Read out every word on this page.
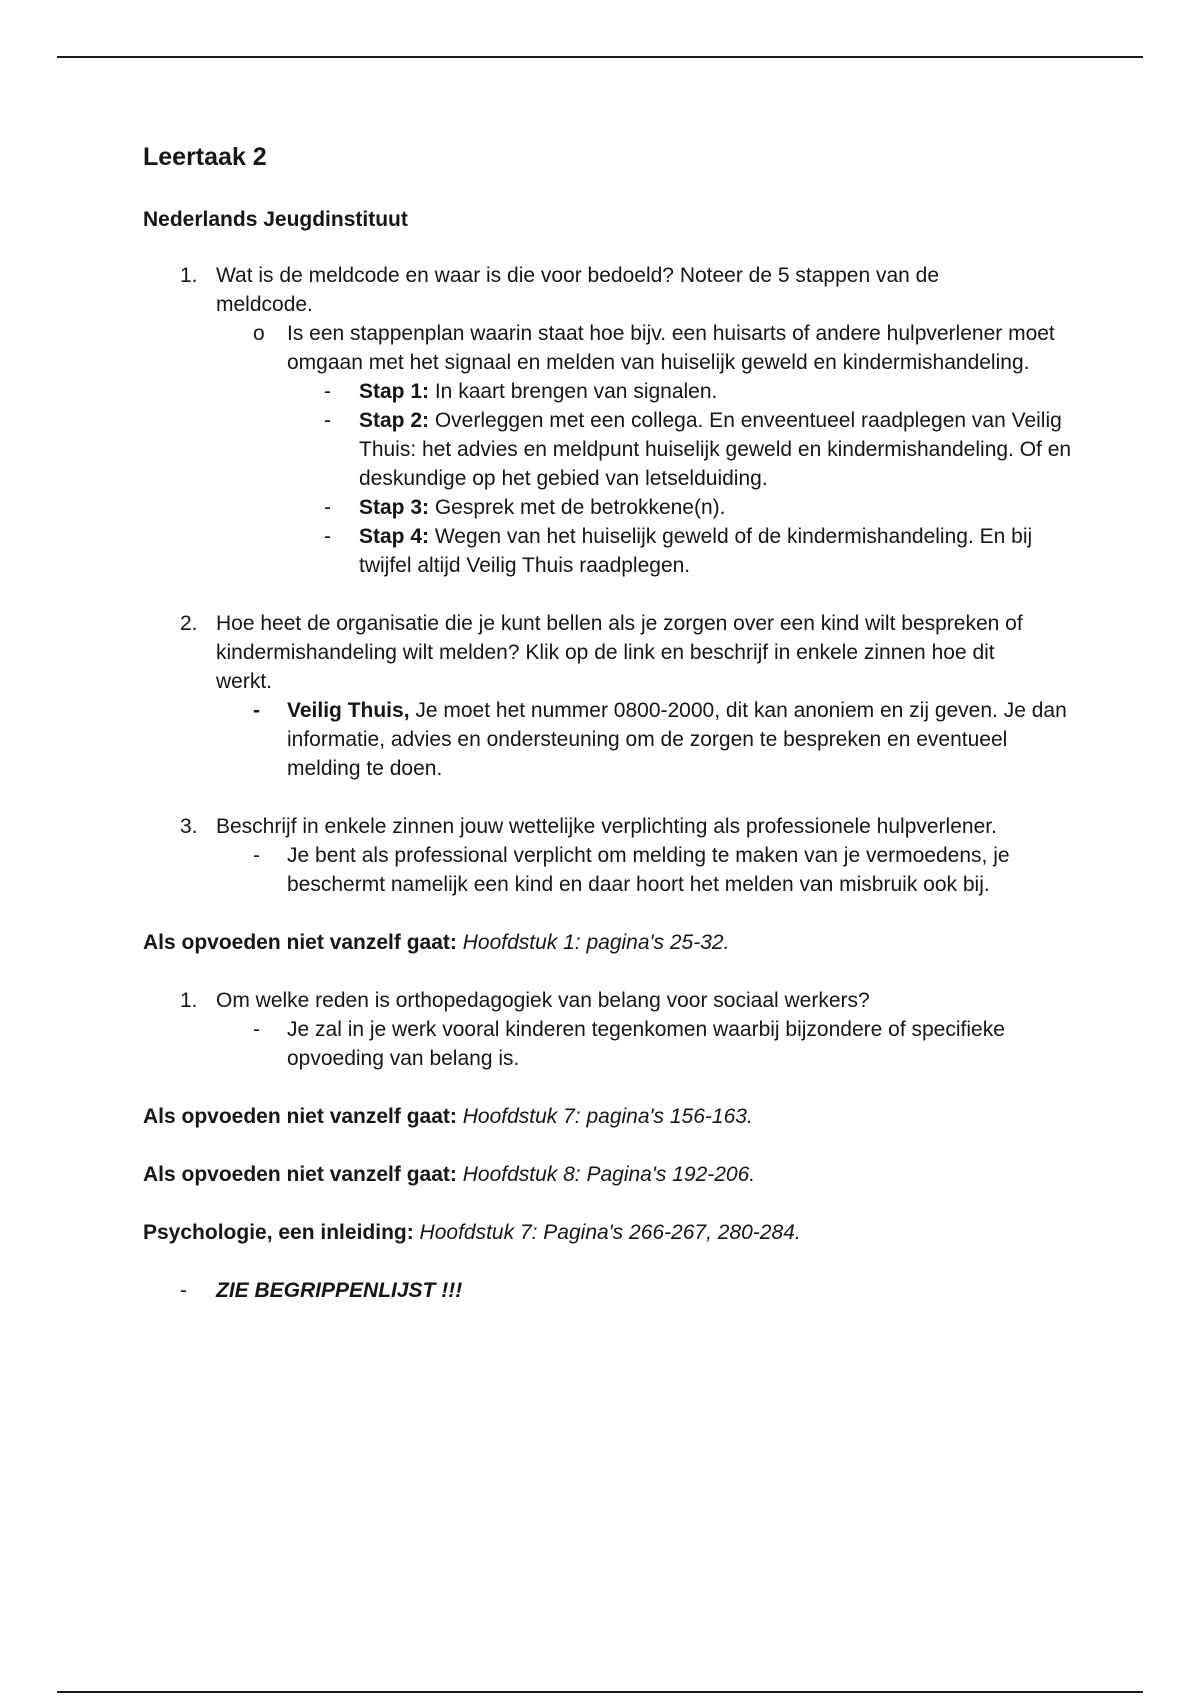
Leertaak 2

Nederlands Jeugdinstituut

1. Wat is de meldcode en waar is die voor bedoeld? Noteer de 5 stappen van de
meldcode.
o Is een stappenplan waarin staat hoe bijv. een huisarts of andere hulpverlener moet omgaan met het signaal en melden van huiselijk geweld en kindermishandeling.
- Stap 1: In kaart brengen van signalen.
- Stap 2: Overleggen met een collega. En enveentueel raadplegen van Veilig Thuis: het advies en meldpunt huiselijk geweld en kindermishandeling. Of en deskundige op het gebied van letselduiding.
- Stap 3: Gesprek met de betrokkene(n).
- Stap 4: Wegen van het huiselijk geweld of de kindermishandeling. En bij twijfel altijd Veilig Thuis raadplegen.
2. Hoe heet de organisatie die je kunt bellen als je zorgen over een kind wilt bespreken of kindermishandeling wilt melden? Klik op de link en beschrijf in enkele zinnen hoe dit werkt.
- Veilig Thuis, Je moet het nummer 0800-2000, dit kan anoniem en zij geven. Je dan informatie, advies en ondersteuning om de zorgen te bespreken en eventueel melding te doen.
3. Beschrijf in enkele zinnen jouw wettelijke verplichting als professionele hulpverlener.
- Je bent als professional verplicht om melding te maken van je vermoedens, je beschermt namelijk een kind en daar hoort het melden van misbruik ook bij.

Als opvoeden niet vanzelf gaat: Hoofdstuk 1: pagina's 25-32.

1. Om welke reden is orthopedagogiek van belang voor sociaal werkers?
- Je zal in je werk vooral kinderen tegenkomen waarbij bijzondere of specifieke opvoeding van belang is.

Als opvoeden niet vanzelf gaat: Hoofdstuk 7: pagina's 156-163.

Als opvoeden niet vanzelf gaat: Hoofdstuk 8: Pagina's 192-206.

Psychologie, een inleiding: Hoofdstuk 7: Pagina's 266-267, 280-284.

- ZIE BEGRIPPENLIJST !!!
